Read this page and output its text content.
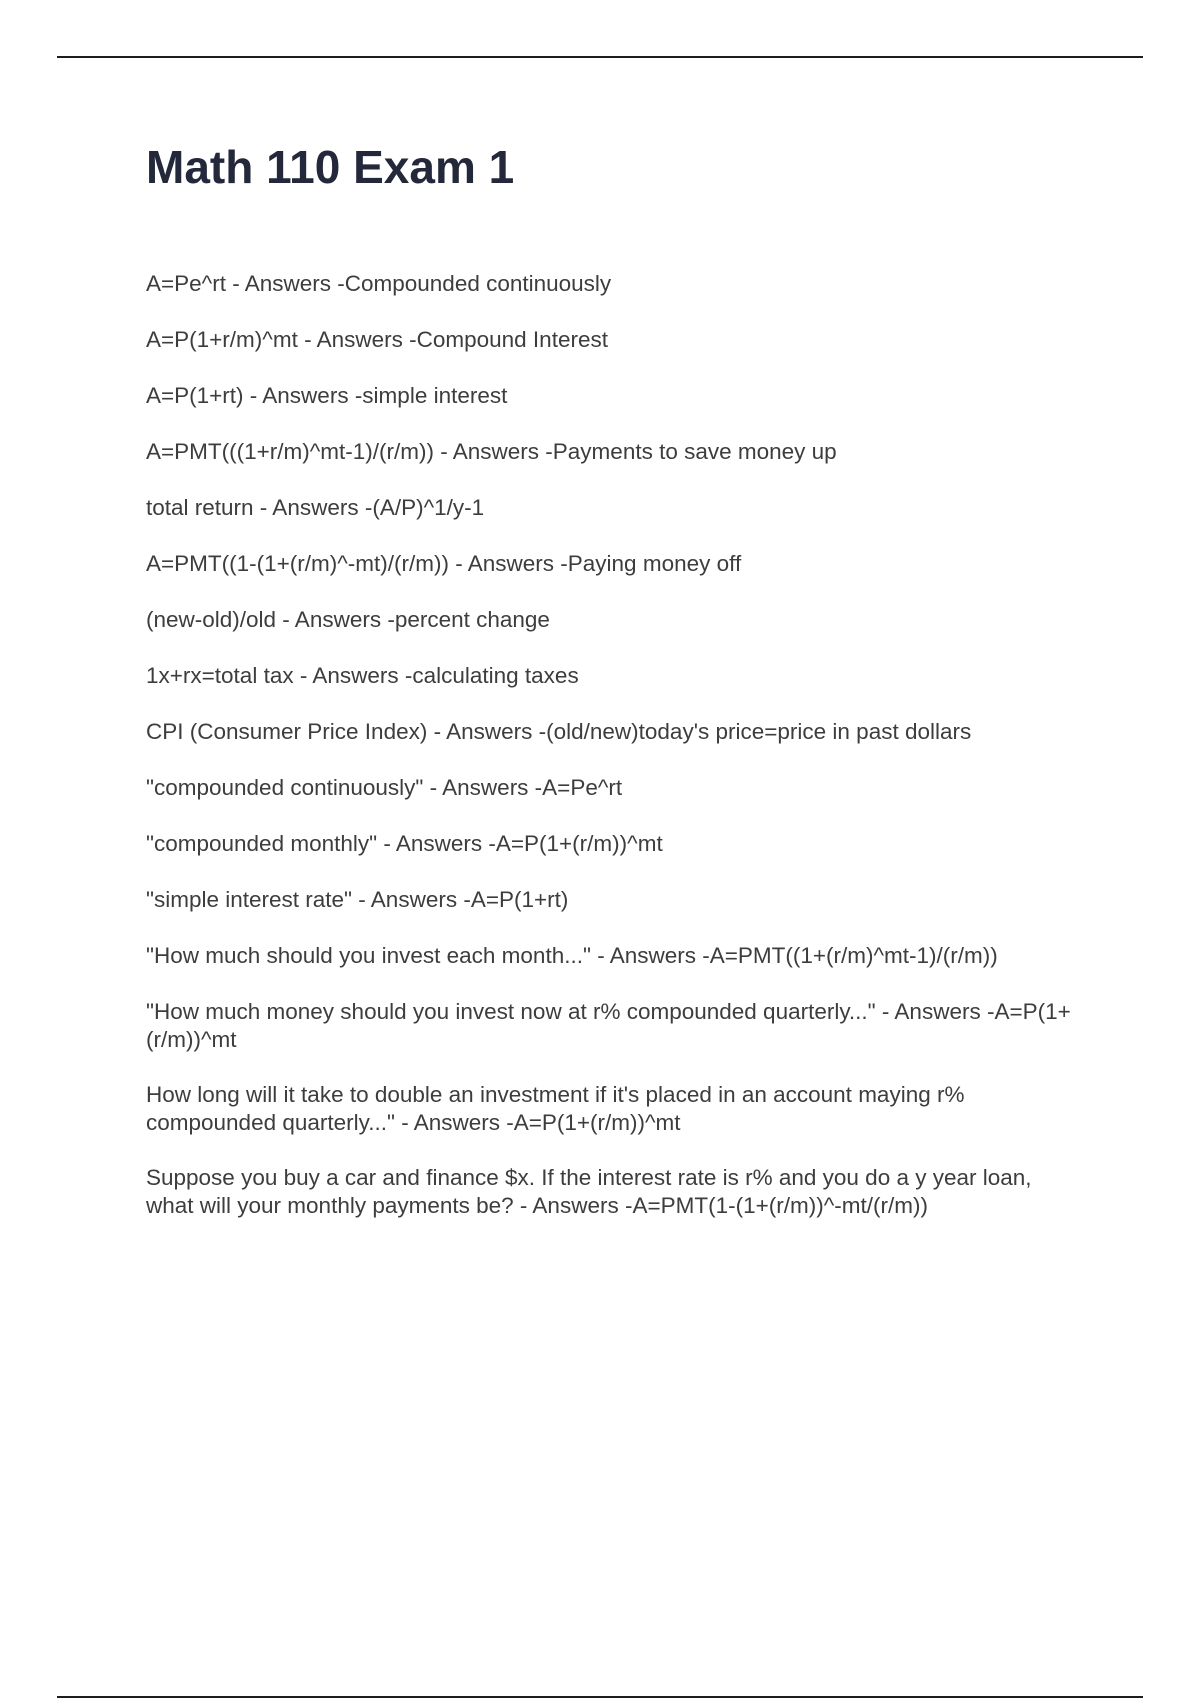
Math 110 Exam 1
A=Pe^rt - Answers -Compounded continuously
A=P(1+r/m)^mt - Answers -Compound Interest
A=P(1+rt) - Answers -simple interest
A=PMT(((1+r/m)^mt-1)/(r/m)) - Answers -Payments to save money up
total return - Answers -(A/P)^1/y-1
A=PMT((1-(1+(r/m)^-mt)/(r/m)) - Answers -Paying money off
(new-old)/old - Answers -percent change
1x+rx=total tax - Answers -calculating taxes
CPI (Consumer Price Index) - Answers -(old/new)today's price=price in past dollars
"compounded continuously" - Answers -A=Pe^rt
"compounded monthly" - Answers -A=P(1+(r/m))^mt
"simple interest rate" - Answers -A=P(1+rt)
"How much should you invest each month..." - Answers -A=PMT((1+(r/m)^mt-1)/(r/m))
"How much money should you invest now at r% compounded quarterly..." - Answers -A=P(1+(r/m))^mt
How long will it take to double an investment if it's placed in an account maying r% compounded quarterly..." - Answers -A=P(1+(r/m))^mt
Suppose you buy a car and finance $x. If the interest rate is r% and you do a y year loan, what will your monthly payments be? - Answers -A=PMT(1-(1+(r/m))^-mt/(r/m))
